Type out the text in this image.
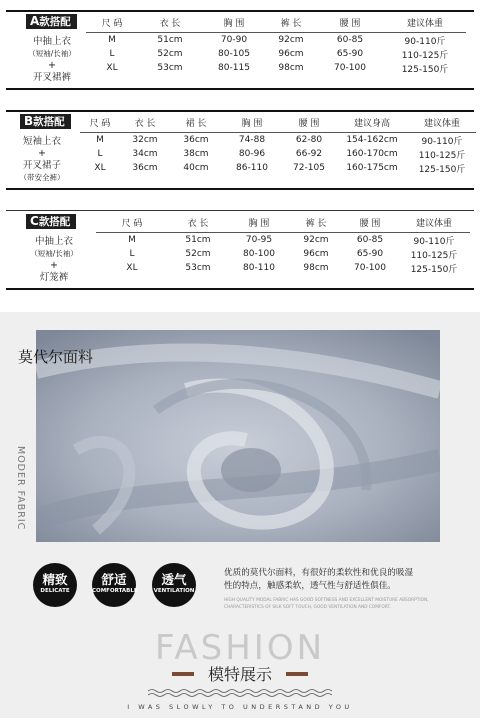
A款搭配
中抽上衣
（短袖/长袖）
+
开叉裙裤
尺 码	衣 长	胸 围	裤 长	腰 围	建议体重
M	51cm	70-90	92cm	60-85	90-110斤
L	52cm	80-105	96cm	65-90	110-125斤
XL	53cm	80-115	98cm	70-100	125-150斤
B款搭配
短袖上衣
+
开叉裙子
（带安全裤）
尺 码	衣 长	裙 长	胸 围	腰 围	建议身高	建议体重
M	32cm	36cm	74-88	62-80	154-162cm	90-110斤
L	34cm	38cm	80-96	66-92	160-170cm	110-125斤
XL	36cm	40cm	86-110	72-105	160-175cm	125-150斤
C款搭配
中抽上衣
（短袖/长袖）
+
灯笼裤
尺 码	衣 长	胸 围	裤 长	腰 围	建议体重
M	51cm	70-95	92cm	60-85	90-110斤
L	52cm	80-100	96cm	65-90	110-125斤
XL	53cm	80-110	98cm	70-100	125-150斤
莫代尔面料
MODER FABRIC
精致
DELICATE
舒适
COMFORTABLE
透气
VENTILATION
优质的莫代尔面料，有很好的柔软性和优良的吸湿
性的特点，触感柔软，透气性与舒适性俱佳。
HIGH QUALITY MODAL FABRIC HAS GOOD SOFTNESS AND EXCELLENT MOISTURE ABSORPTION,
CHARACTERISTICS OF SILK SOFT TOUCH, GOOD VENTILATION AND COMFORT.
FASHION
模特展示
I WAS SLOWLY TO UNDERSTAND YOU
